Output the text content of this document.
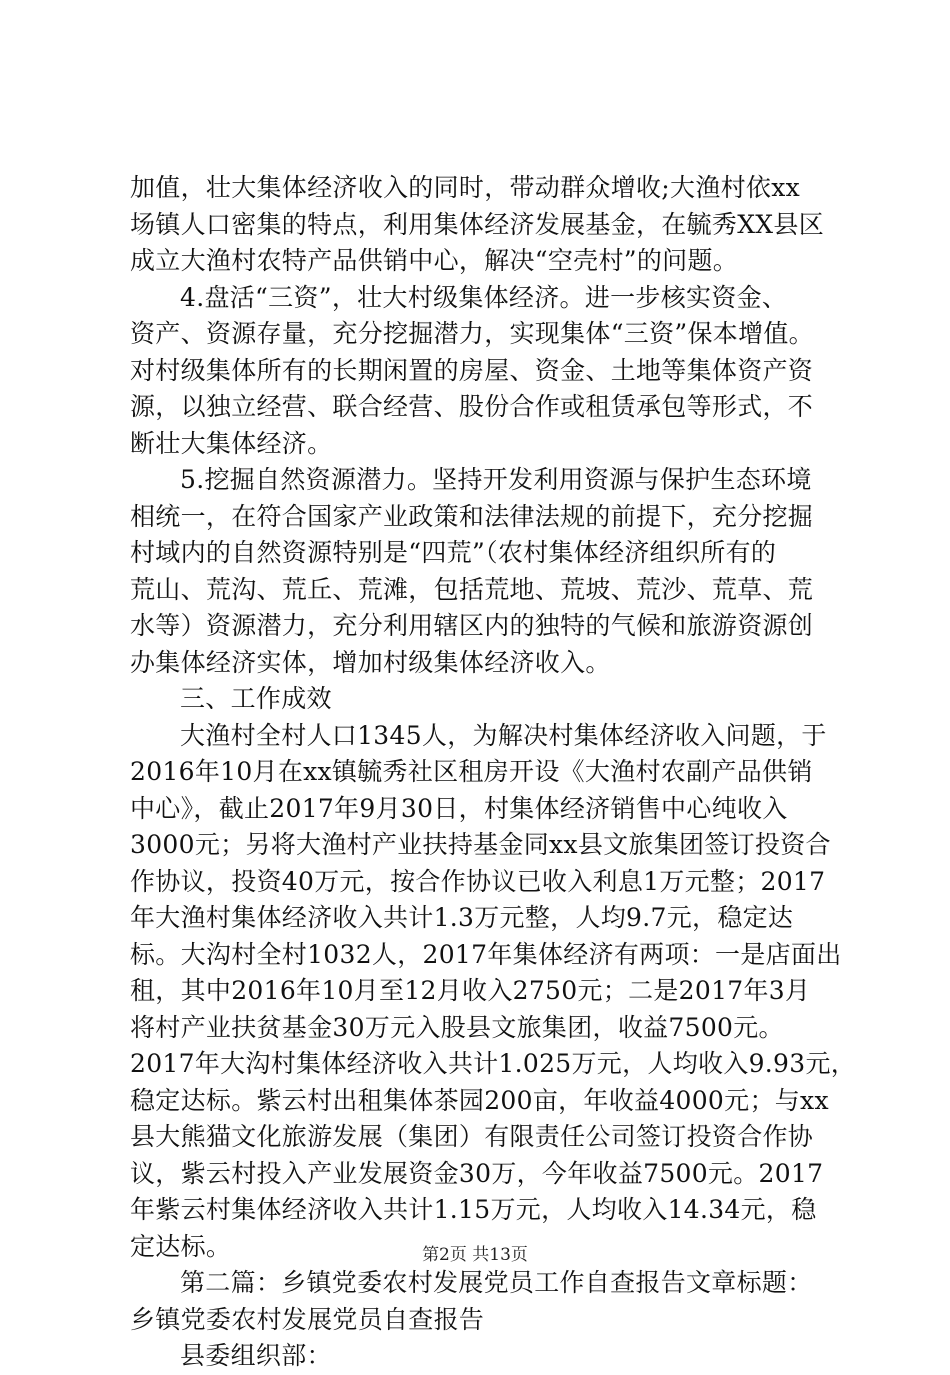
加值，壮大集体经济收入的同时，带动群众增收;大渔村依xx
场镇人口密集的特点，利用集体经济发展基金，在毓秀XX县区
成立大渔村农特产品供销中心，解决“空壳村”的问题。
4.盘活“三资”，壮大村级集体经济。进一步核实资金、
资产、资源存量，充分挖掘潜力，实现集体“三资”保本增值。
对村级集体所有的长期闲置的房屋、资金、土地等集体资产资
源，以独立经营、联合经营、股份合作或租赁承包等形式，不
断壮大集体经济。
5.挖掘自然资源潜力。坚持开发利用资源与保护生态环境
相统一，在符合国家产业政策和法律法规的前提下，充分挖掘
村域内的自然资源特别是“四荒”（农村集体经济组织所有的
荒山、荒沟、荒丘、荒滩，包括荒地、荒坡、荒沙、荒草、荒
水等）资源潜力，充分利用辖区内的独特的气候和旅游资源创
办集体经济实体，增加村级集体经济收入。
三、工作成效
大渔村全村人口1345人，为解决村集体经济收入问题，于
2016年10月在xx镇毓秀社区租房开设《大渔村农副产品供销
中心》，截止2017年9月30日，村集体经济销售中心纯收入
3000元；另将大渔村产业扶持基金同xx县文旅集团签订投资合
作协议，投资40万元，按合作协议已收入利息1万元整；2017
年大渔村集体经济收入共计1.3万元整，人均9.7元，稳定达
标。大沟村全村1032人，2017年集体经济有两项：一是店面出
租，其中2016年10月至12月收入2750元；二是2017年3月
将村产业扶贫基金30万元入股县文旅集团，收益7500元。
2017年大沟村集体经济收入共计1.025万元，人均收入9.93元，
稳定达标。紫云村出租集体茶园200亩，年收益4000元；与xx
县大熊猫文化旅游发展（集团）有限责任公司签订投资合作协
议，紫云村投入产业发展资金30万，今年收益7500元。2017
年紫云村集体经济收入共计1.15万元，人均收入14.34元，稳
定达标。
第二篇：乡镇党委农村发展党员工作自查报告文章标题：
乡镇党委农村发展党员自查报告
县委组织部：
第2页 共13页
